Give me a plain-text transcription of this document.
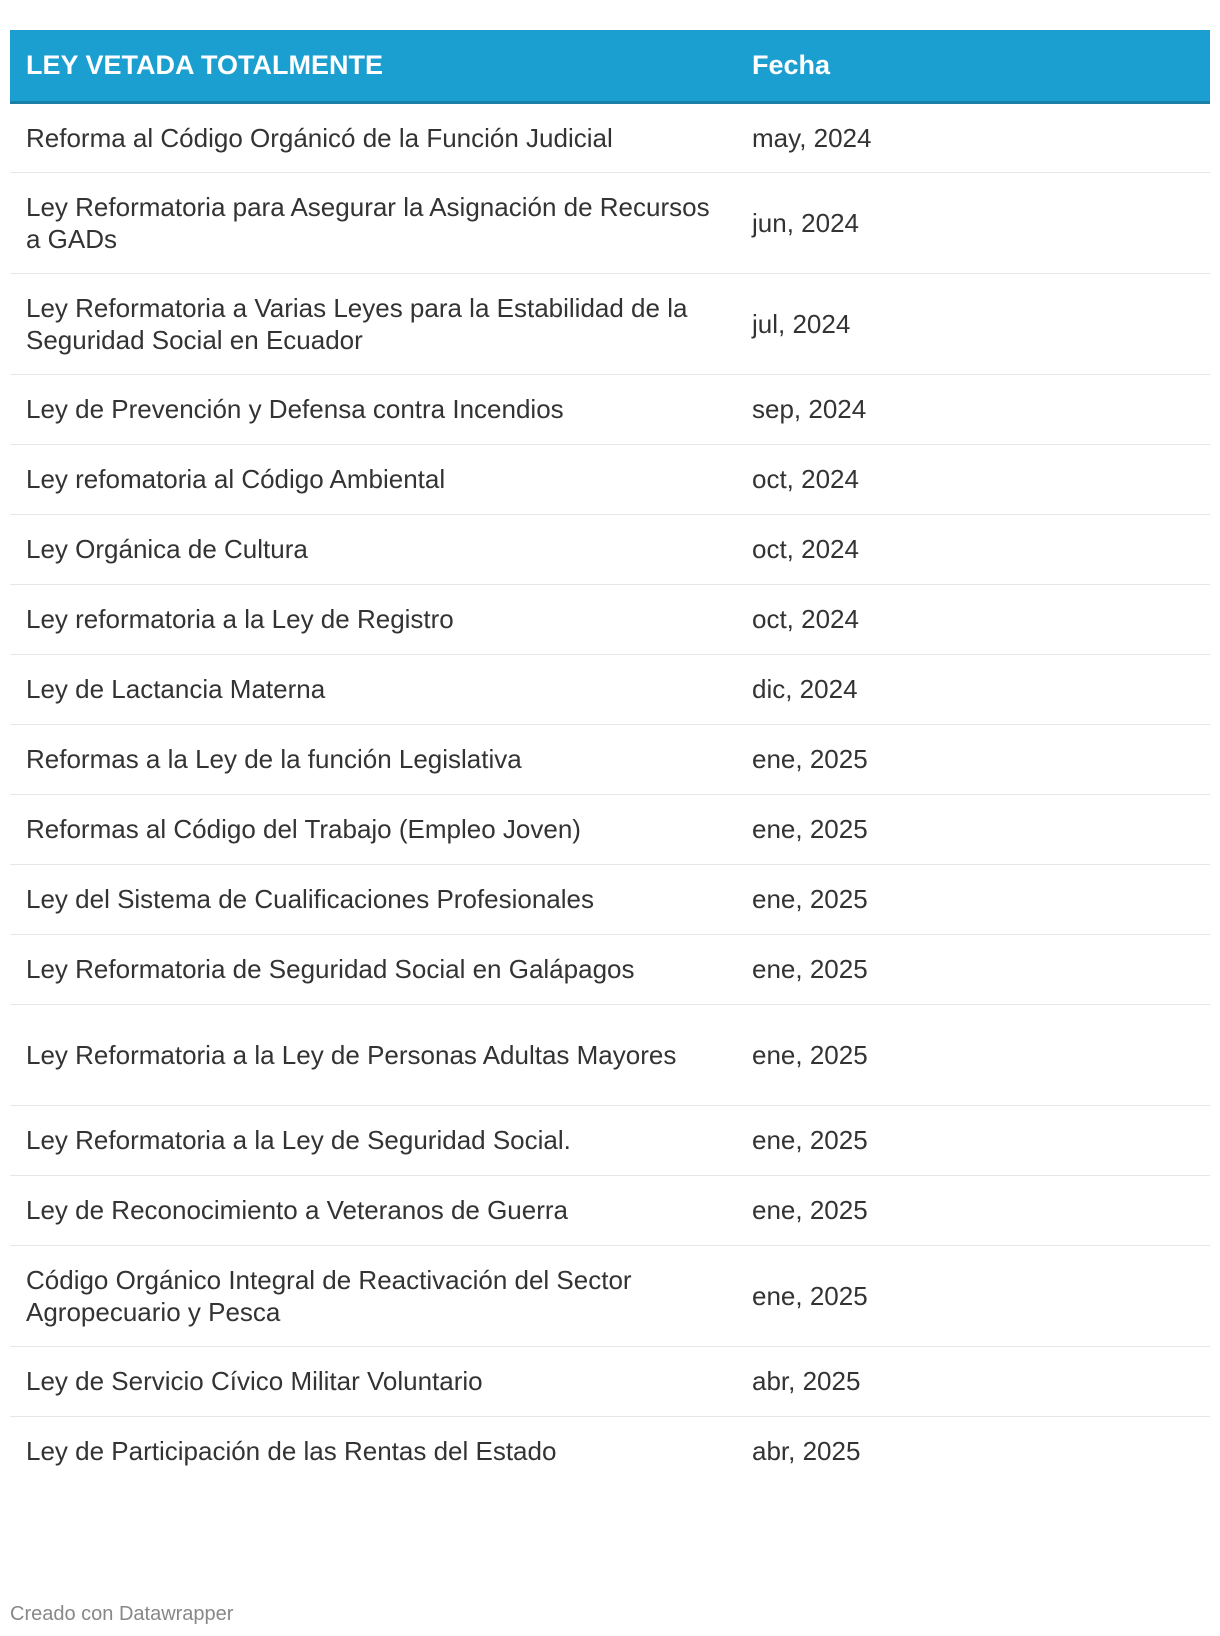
LEY VETADA TOTALMENTE	Fecha
Reforma al Código Orgánicó de la Función Judicial	may, 2024
Ley Reformatoria para Asegurar la Asignación de Recursos a GADs	jun, 2024
Ley Reformatoria a Varias Leyes para la Estabilidad de la Seguridad Social en Ecuador	jul, 2024
Ley de Prevención y Defensa contra Incendios	sep, 2024
Ley refomatoria al Código Ambiental	oct, 2024
Ley Orgánica de Cultura	oct, 2024
Ley reformatoria a la Ley de Registro	oct, 2024
Ley de Lactancia Materna	dic, 2024
Reformas a la Ley de la función Legislativa	ene, 2025
Reformas al Código del Trabajo (Empleo Joven)	ene, 2025
Ley del Sistema de Cualificaciones Profesionales	ene, 2025
Ley Reformatoria de Seguridad Social en Galápagos	ene, 2025
Ley Reformatoria a la Ley de Personas Adultas Mayores	ene, 2025
Ley Reformatoria a la Ley de Seguridad Social.	ene, 2025
Ley de Reconocimiento a Veteranos de Guerra	ene, 2025
Código Orgánico Integral de Reactivación del Sector Agropecuario y Pesca	ene, 2025
Ley de Servicio Cívico Militar Voluntario	abr, 2025
Ley de Participación de las Rentas del Estado	abr, 2025
Creado con Datawrapper
